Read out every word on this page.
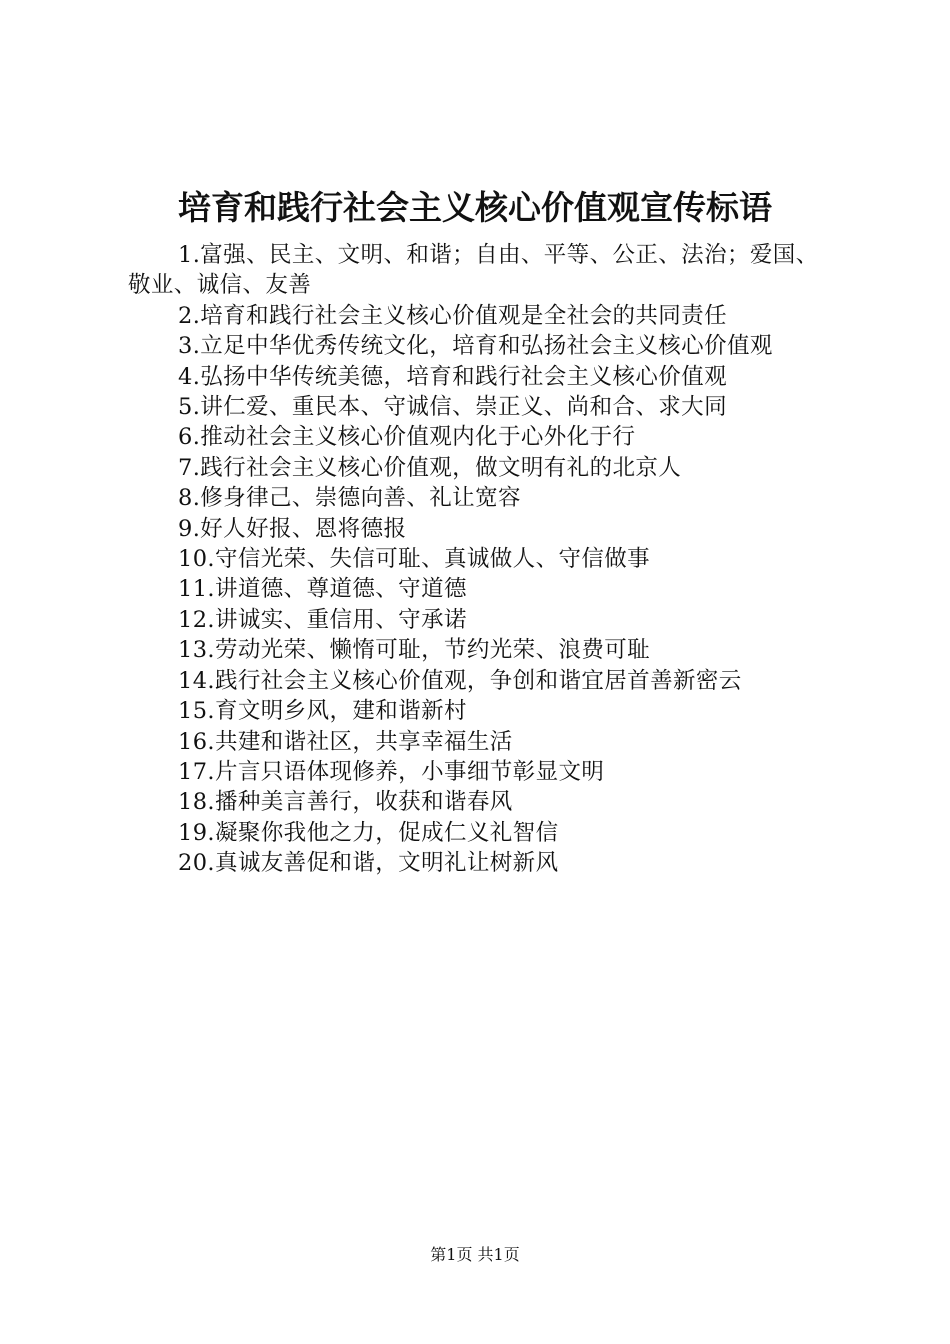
培育和践行社会主义核心价值观宣传标语
1.富强、民主、文明、和谐；自由、平等、公正、法治；爱国、敬业、诚信、友善
2.培育和践行社会主义核心价值观是全社会的共同责任
3.立足中华优秀传统文化，培育和弘扬社会主义核心价值观
4.弘扬中华传统美德，培育和践行社会主义核心价值观
5.讲仁爱、重民本、守诚信、崇正义、尚和合、求大同
6.推动社会主义核心价值观内化于心外化于行
7.践行社会主义核心价值观，做文明有礼的北京人
8.修身律己、崇德向善、礼让宽容
9.好人好报、恩将德报
10.守信光荣、失信可耻、真诚做人、守信做事
11.讲道德、尊道德、守道德
12.讲诚实、重信用、守承诺
13.劳动光荣、懒惰可耻，节约光荣、浪费可耻
14.践行社会主义核心价值观，争创和谐宜居首善新密云
15.育文明乡风，建和谐新村
16.共建和谐社区，共享幸福生活
17.片言只语体现修养，小事细节彰显文明
18.播种美言善行，收获和谐春风
19.凝聚你我他之力，促成仁义礼智信
20.真诚友善促和谐，文明礼让树新风
第1页 共1页
